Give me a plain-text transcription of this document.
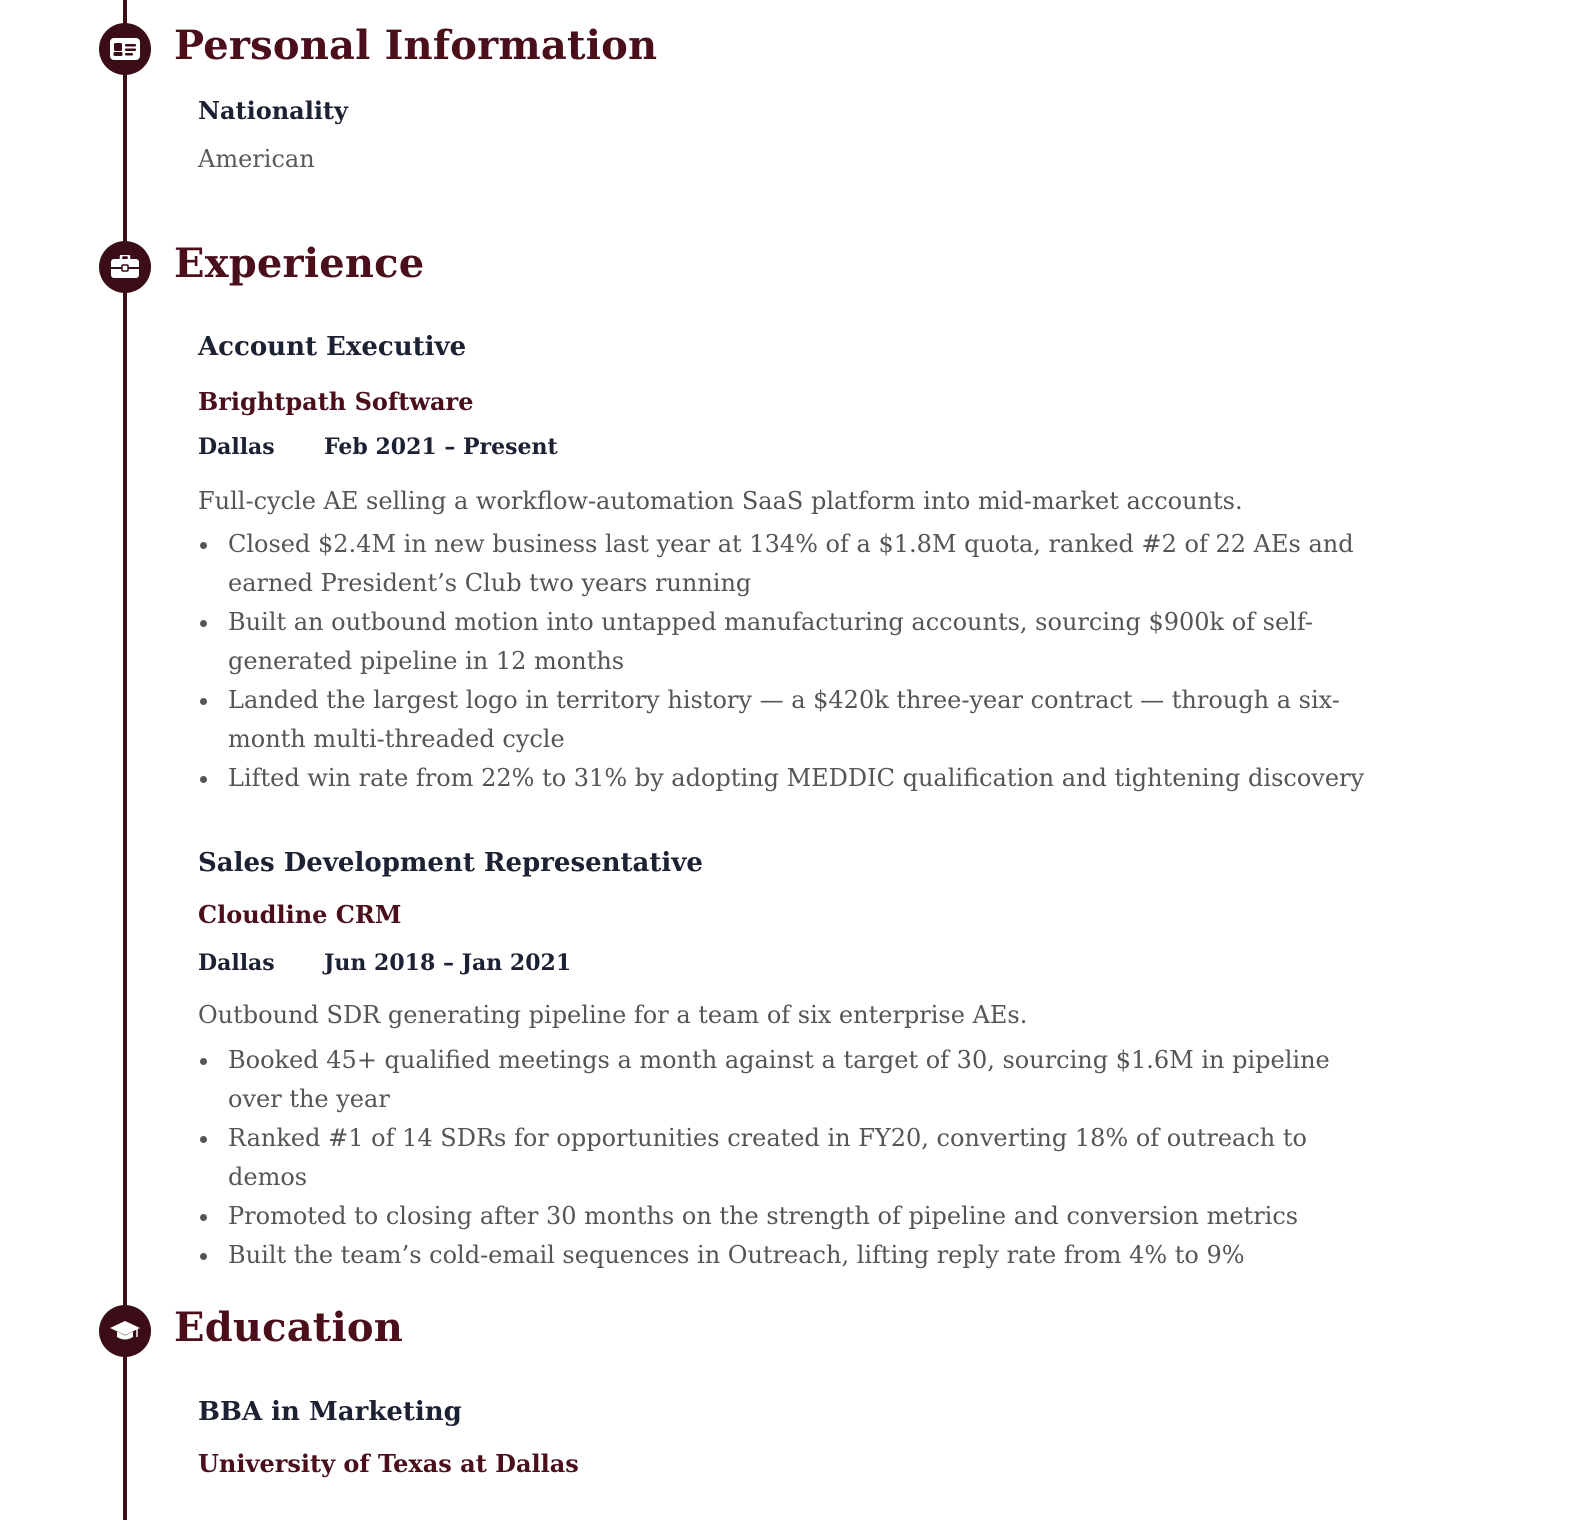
Personal Information

Nationality

American

Experience

Account Executive

Brightpath Software

Dallas Feb 2021 – Present

Full-cycle AE selling a workflow-automation SaaS platform into mid-market accounts.

Closed $2.4M in new business last year at 134% of a $1.8M quota, ranked #2 of 22 AEs and earned President’s Club two years running
Built an outbound motion into untapped manufacturing accounts, sourcing $900k of self-generated pipeline in 12 months
Landed the largest logo in territory history — a $420k three-year contract — through a six-month multi-threaded cycle
Lifted win rate from 22% to 31% by adopting MEDDIC qualification and tightening discovery

Sales Development Representative

Cloudline CRM

Dallas Jun 2018 – Jan 2021

Outbound SDR generating pipeline for a team of six enterprise AEs.

Booked 45+ qualified meetings a month against a target of 30, sourcing $1.6M in pipeline over the year
Ranked #1 of 14 SDRs for opportunities created in FY20, converting 18% of outreach to demos
Promoted to closing after 30 months on the strength of pipeline and conversion metrics
Built the team’s cold-email sequences in Outreach, lifting reply rate from 4% to 9%
Education

BBA in Marketing

University of Texas at Dallas
